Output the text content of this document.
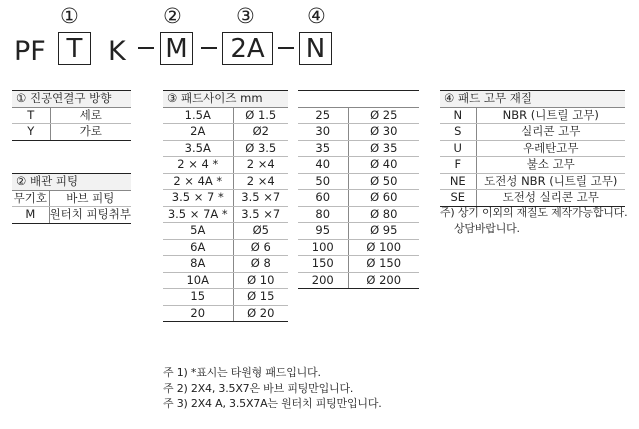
①	②	③ ④
PF T K M	2A	N
① 진공연결구 방향	
T	세로
Y	가로
② 배관 피팅	
무기호	바브 피팅
M	원터치 피팅취부
③ 패드사이즈 mm				
1.5A	Ø 1.5		25	Ø 25
2A	Ø2		30	Ø 30
3.5A	Ø 3.5		35	Ø 35
2 × 4 *	2 ×4		40	Ø 40
2 × 4A *	2 ×4		50	Ø 50
3.5 × 7 *	3.5 ×7		60	Ø 60
3.5 × 7A *	3.5 ×7		80	Ø 80
5A	Ø5		95	Ø 95
6A	Ø 6		100	Ø 100
8A	Ø 8		150	Ø 150
10A	Ø 10		200	Ø 200
15	Ø 15			
20	Ø 20			
④ 패드 고무 재질	
N	NBR (니트릴 고무)
S	실리콘 고무
U	우레탄고무
F	불소 고무
NE	도전성 NBR (니트릴 고무)
SE	도전성 실리콘 고무
주) 상기 이외의 재질도 제작가능합니다.
상담바랍니다.
주 1) *표시는 타원형 패드입니다.
주 2) 2X4, 3.5X7은 바브 피팅만입니다.
주 3) 2X4 A, 3.5X7A는 원터치 피팅만입니다.
